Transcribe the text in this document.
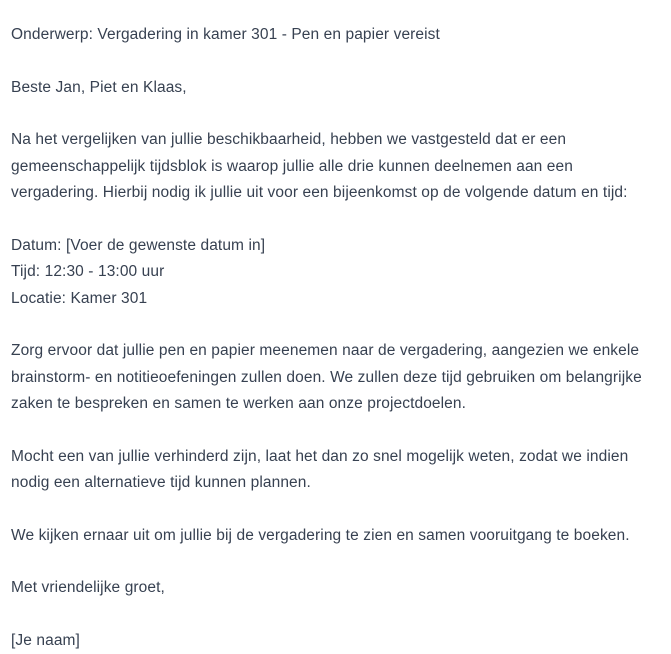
Onderwerp: Vergadering in kamer 301 - Pen en papier vereist

Beste Jan, Piet en Klaas,

Na het vergelijken van jullie beschikbaarheid, hebben we vastgesteld dat er een
gemeenschappelijk tijdsblok is waarop jullie alle drie kunnen deelnemen aan een
vergadering. Hierbij nodig ik jullie uit voor een bijeenkomst op de volgende datum en tijd:

Datum: [Voer de gewenste datum in]
Tijd: 12:30 - 13:00 uur
Locatie: Kamer 301

Zorg ervoor dat jullie pen en papier meenemen naar de vergadering, aangezien we enkele
brainstorm- en notitieoefeningen zullen doen. We zullen deze tijd gebruiken om belangrijke
zaken te bespreken en samen te werken aan onze projectdoelen.

Mocht een van jullie verhinderd zijn, laat het dan zo snel mogelijk weten, zodat we indien
nodig een alternatieve tijd kunnen plannen.

We kijken ernaar uit om jullie bij de vergadering te zien en samen vooruitgang te boeken.

Met vriendelijke groet,

[Je naam]
